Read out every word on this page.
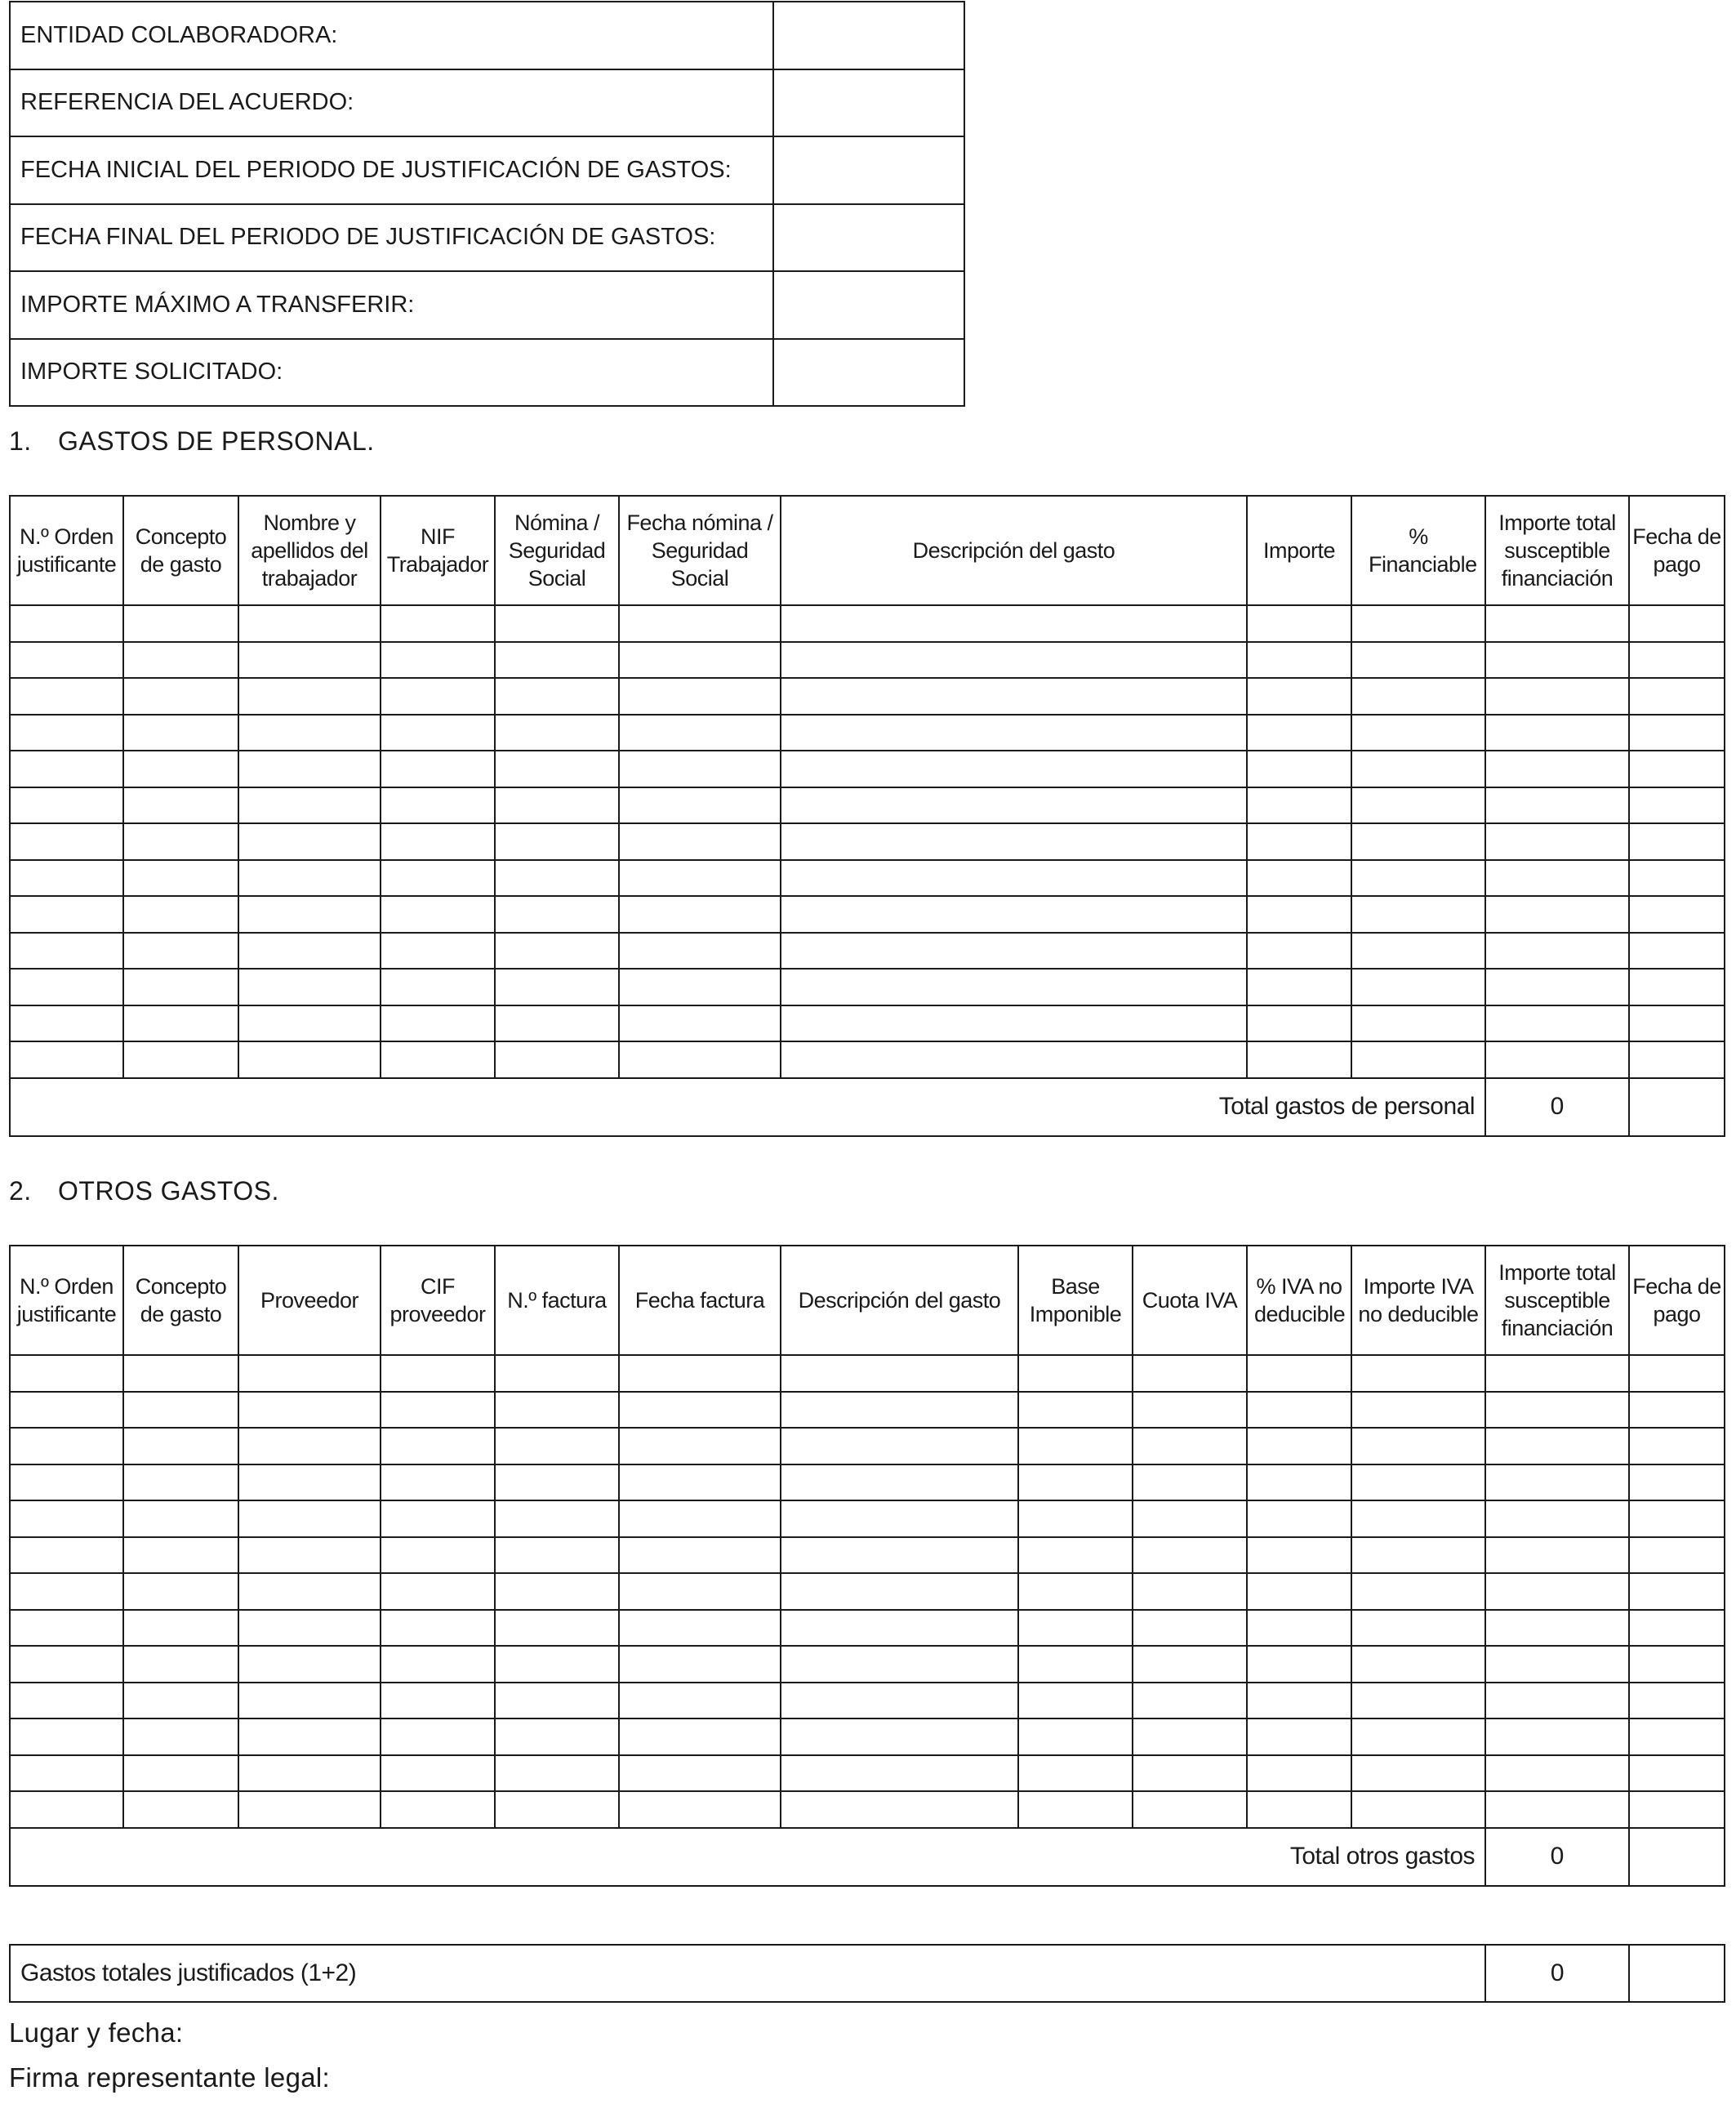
ENTIDAD COLABORADORA:	
REFERENCIA DEL ACUERDO:	
FECHA INICIAL DEL PERIODO DE JUSTIFICACIÓN DE GASTOS:	
FECHA FINAL DEL PERIODO DE JUSTIFICACIÓN DE GASTOS:	
IMPORTE MÁXIMO A TRANSFERIR:	
IMPORTE SOLICITADO:	
1. GASTOS DE PERSONAL.
N.º Orden justificante	Concepto de gasto	Nombre y apellidos del trabajador	NIF Trabajador	Nómina / Seguridad Social	Fecha nómina / Seguridad Social	Descripción del gasto	Importe	% Financiable	Importe total susceptible financiación	Fecha de pago

Total gastos de personal									0	
2. OTROS GASTOS.
N.º Orden justificante	Concepto de gasto	Proveedor	CIF proveedor	N.º factura	Fecha factura	Descripción del gasto	Base Imponible	Cuota IVA	% IVA no deducible	Importe IVA no deducible	Importe total susceptible financiación	Fecha de pago

Total otros gastos											0	
Gastos totales justificados (1+2)	0	
Lugar y fecha:
Firma representante legal:
